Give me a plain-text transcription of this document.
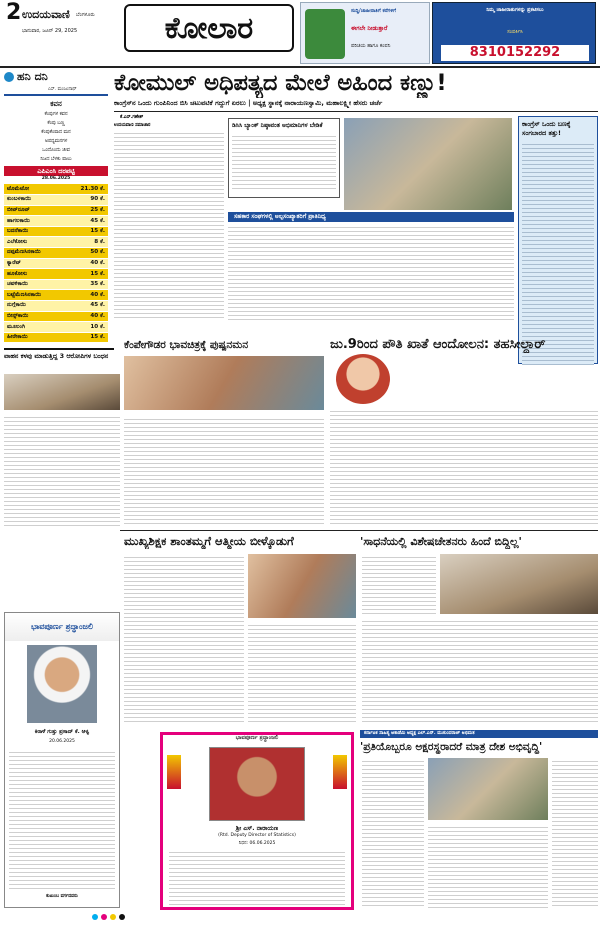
2 ಉದಯವಾಣಿ ಬೆಂಗಳೂರು
ಭಾನುವಾರ, ಜೂನ್ 29, 2025	ಕೋಲಾರ	ಸುದ್ದಿ/ಜಾಹೀರಾತಿಗೆ ಕರೆಗಳಿಗೆ
ಈಗಲೇ ನೀಡುತ್ತಾರೆ
ಪರಿಚಯ ಹಾಗೂ ಕಂಪನಿ
ನಿಮ್ಮ ಜಾಹೀರಾತುಗಳನ್ನು ಪ್ರಕಟಿಸಲು
ಸಂಪರ್ಕಿಸಿ
8310152292
ಹನಿ ದನಿ
ಎಸ್. ಮಂಜುನಾಥ್
ಕವನ
ಕೆಂಪುಗಳ ಕವನ
ಕೆಂಪು ಬಣ್ಣ
ಕೆಂಪುಕೆಂಪಾದ ಮನ
ಅಪಧ್ಯಮನಗಳ
ಒಂದೊಂದು ಜೀವ
ನಿಜದ ಬೆಳಕು ಪಾಲು
ಎಪಿಎಂಸಿ ದರಪಟ್ಟಿ
28.06.2025
ಟೊಮೆಟೋ	21.30 ಕೆ.
ಕುಂಬಳಕಾಯಿ	90 ಕೆ.
ಬೀಟ್‌ರೂಟ್	25 ಕೆ.
ಹಾಗಲಕಾಯಿ	45 ಕೆ.
ಬದನೆಕಾಯಿ	15 ಕೆ.
ಎಲೆಕೋಸು	8 ಕೆ.
ದಪ್ಪಮೆಣಸಿನಕಾಯಿ	50 ಕೆ.
ಕ್ಯಾರೆಟ್	40 ಕೆ.
ಹೂಕೋಸು	15 ಕೆ.
ಚವಳಿಕಾಯಿ	35 ಕೆ.
ಬಟ್ಟೆಮೆಣಸಿನಕಾಯಿ	40 ಕೆ.
ನುಗ್ಗೆಕಾಯಿ	45 ಕೆ.
ಬೀನ್ಸ್‌ಕಾಯಿ	40 ಕೆ.
ಮೂಲಂಗಿ	10 ಕೆ.
ಹೀರೇಕಾಯಿ	15 ಕೆ.
ಕೋಮುಲ್ ಅಧಿಪತ್ಯದ ಮೇಲೆ ಅಹಿಂದ ಕಣ್ಣು!
ಕಾಂಗ್ರೆಸ್‌ನ ಒಂದು ಗುಂಪಿನಿಂದ ಬಿಸಿ ಚಟುವಟಿಕೆ ಗದ್ದುಗೆ ಏರಲು | ಅಧ್ಯಕ್ಷ ಸ್ಥಾನಕ್ಕೆ ನಾರಾಯಣಸ್ವಾಮಿ, ಮಹಾಲಕ್ಷ್ಮೀ ಹೆಸರು ಚರ್ಚೆ
ಕೆ.ಎಸ್.ಗಣೇಶ್
ಉದಯವಾಣಿ ಸಮಾಚಾರ	ಡಿಸಿಸಿ ಬ್ಯಾಂಕ್ ನಿಷ್ಠಾವಂತ ಅಭಿಮಾನಿಗಳ ಬೇಡಿಕೆ
ಸಹಕಾರ ಸಂಘಗಳಲ್ಲಿ ಅಲ್ಪಸಂಖ್ಯಾತರಿಗೆ ಪ್ರಾತಿನಿಧ್ಯ
ಕಾಂಗ್ರೆಸ್ ಒಂದು ಬಣಕ್ಕೆ ಸಂಗಬಾರದ ತತ್ತು!
ವಾಹನ ಕಳವು ಮಾಡುತ್ತಿದ್ದ 3 ಆರೋಪಿಗಳ ಬಂಧನ
ಕೆಂಪೇಗೌಡರ ಭಾವಚಿತ್ರಕ್ಕೆ ಪುಷ್ಪನಮನ	ಜು.9ರಿಂದ ಪೌತಿ ಖಾತೆ ಆಂದೋಲನ: ತಹಸೀಲ್ದಾರ್
ಮುಖ್ಯಶಿಕ್ಷಕ ಶಾಂತಮ್ಮಗೆ ಆತ್ಮೀಯ ಬೀಳ್ಕೊಡುಗೆ	'ಸಾಧನೆಯಲ್ಲಿ ವಿಶೇಷಚೇತನರು ಹಿಂದೆ ಬಿದ್ದಿಲ್ಲ'
ಭಾವಪೂರ್ಣ ಶ್ರದ್ಧಾಂಜಲಿ
ಕಿರಾಳೆ ಗುತ್ತು ಪ್ರಸಾದ್ ಕೆ. ಆಳ್ವ
20.06.2025
ಕುಟುಂಬ ವರ್ಗದವರು
ಭಾವಪೂರ್ಣ ಶ್ರದ್ಧಾಂಜಲಿ
ಶ್ರೀ ಎಸ್. ನಾರಾಯಣ
(Rtd. Deputy Director of Statistics)
ನಿಧನ: 06.06.2025
ಕರ್ನಾಟಕ ಸಾಹಿತ್ಯ ಅಕಾಡೆಮಿ ಅಧ್ಯಕ್ಷ ಎಲ್.ಎನ್. ಮುಕುಂದರಾಜ್ ಅಭಿಮತ
'ಪ್ರತಿಯೊಬ್ಬರೂ ಅಕ್ಷರಸ್ಥರಾದರೆ ಮಾತ್ರ ದೇಶ ಅಭಿವೃದ್ಧಿ'
